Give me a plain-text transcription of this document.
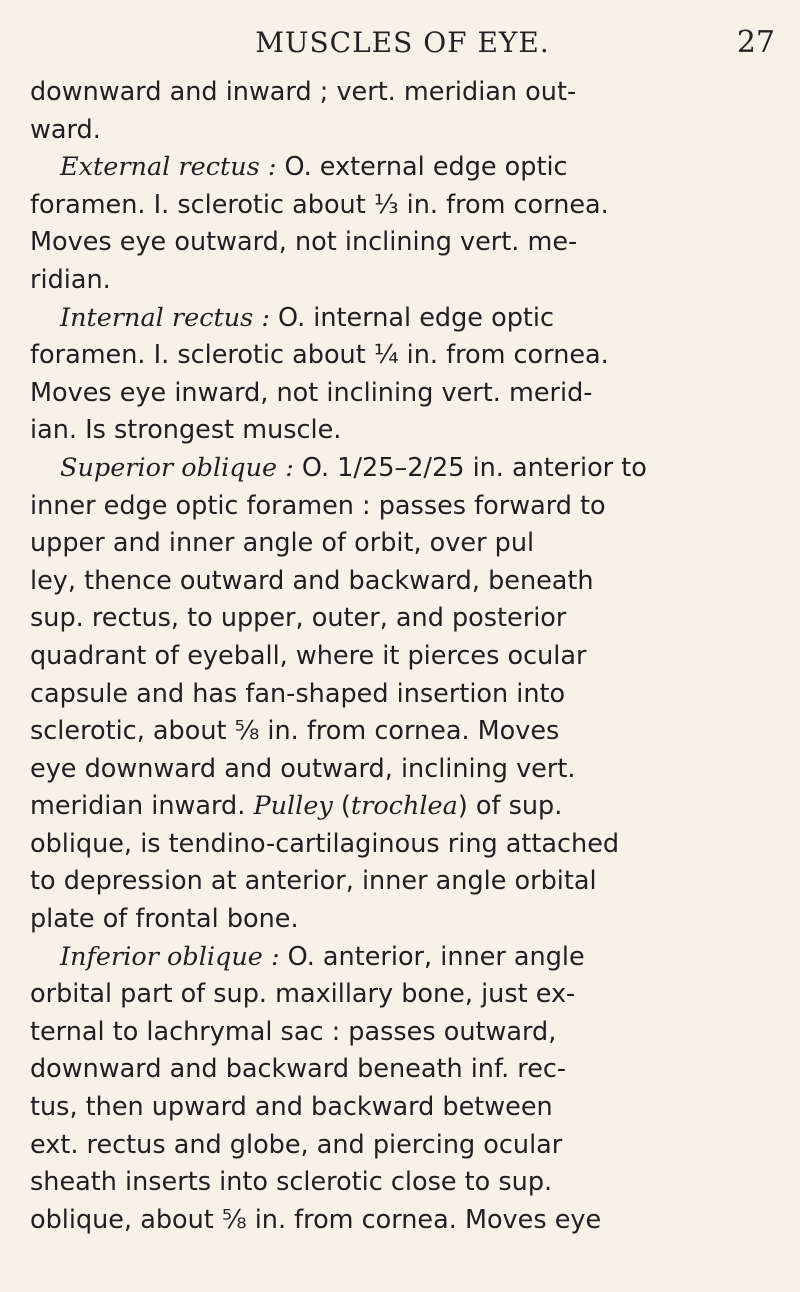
MUSCLES OF EYE.	27
downward and inward ; vert. meridian out-
ward.
External rectus : O. external edge optic
foramen. I. sclerotic about ⅓ in. from cornea.
Moves eye outward, not inclining vert. me-
ridian.
Internal rectus : O. internal edge optic
foramen. I. sclerotic about ¼ in. from cornea.
Moves eye inward, not inclining vert. merid-
ian. Is strongest muscle.
Superior oblique : O. 1/25–2/25 in. anterior to
inner edge optic foramen : passes forward to
upper and inner angle of orbit, over pul
ley, thence outward and backward, beneath
sup. rectus, to upper, outer, and posterior
quadrant of eyeball, where it pierces ocular
capsule and has fan-shaped insertion into
sclerotic, about ⅝ in. from cornea. Moves
eye downward and outward, inclining vert.
meridian inward. Pulley (trochlea) of sup.
oblique, is tendino-cartilaginous ring attached
to depression at anterior, inner angle orbital
plate of frontal bone.
Inferior oblique : O. anterior, inner angle
orbital part of sup. maxillary bone, just ex-
ternal to lachrymal sac : passes outward,
downward and backward beneath inf. rec-
tus, then upward and backward between
ext. rectus and globe, and piercing ocular
sheath inserts into sclerotic close to sup.
oblique, about ⅝ in. from cornea. Moves eye
